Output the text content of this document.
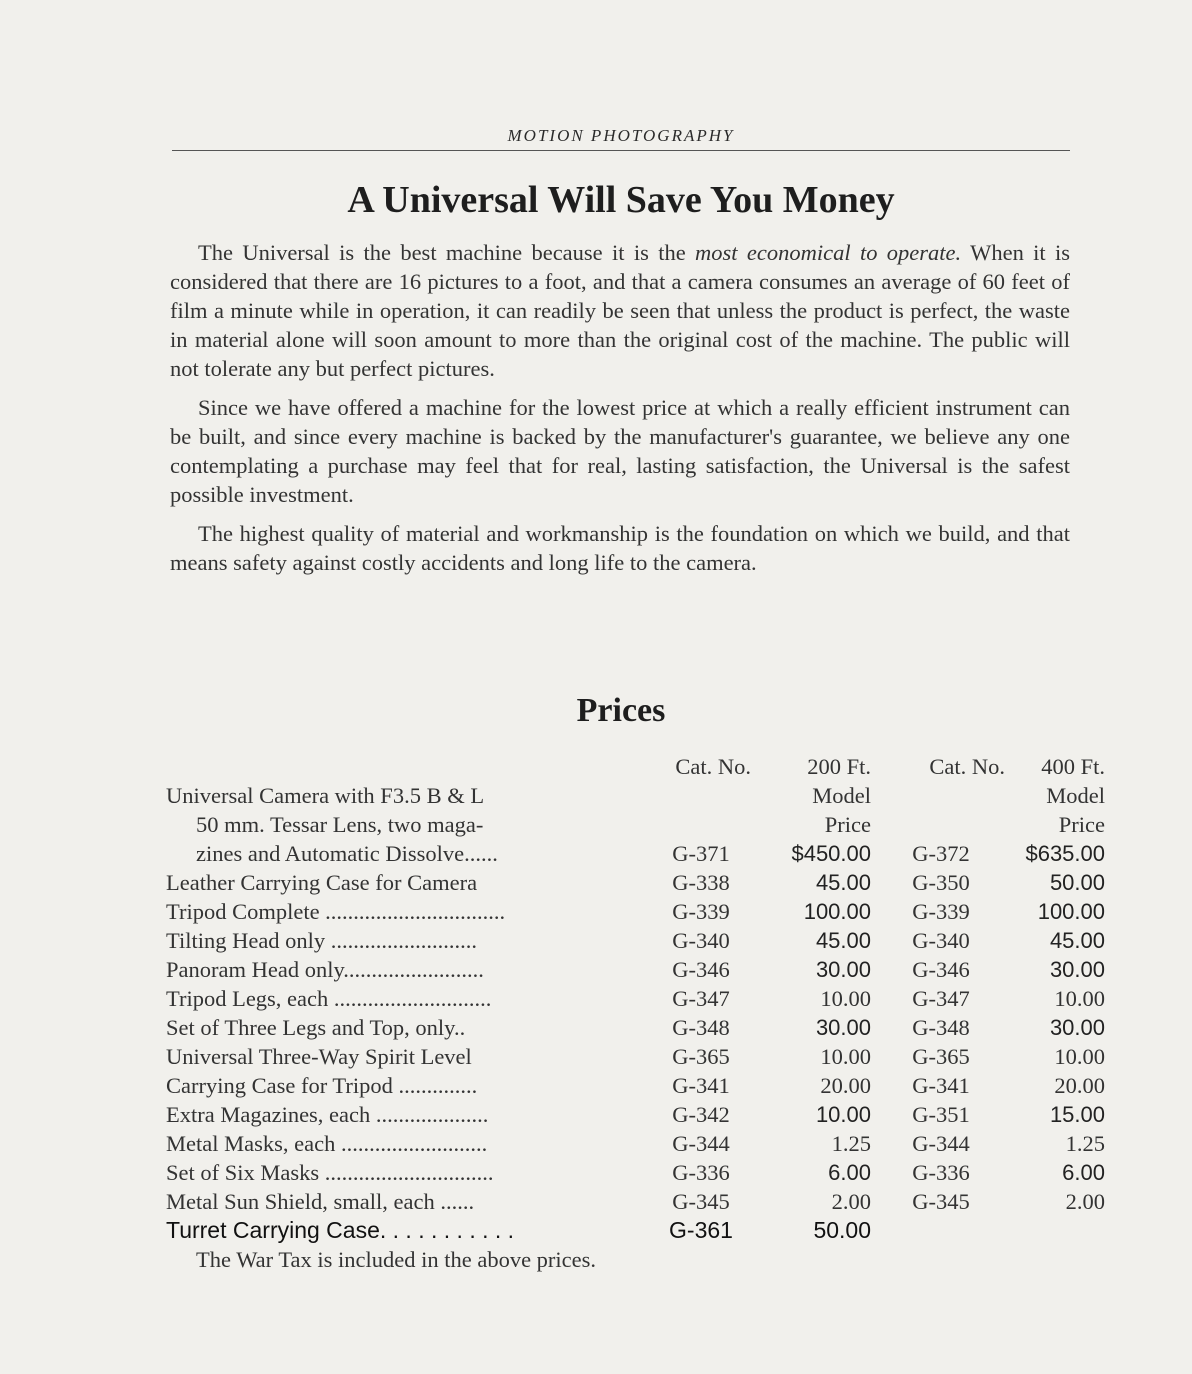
MOTION PHOTOGRAPHY
A Universal Will Save You Money

The Universal is the best machine because it is the most economical to operate. When it is considered that there are 16 pictures to a foot, and that a camera consumes an average of 60 feet of film a minute while in operation, it can readily be seen that unless the product is perfect, the waste in material alone will soon amount to more than the original cost of the machine. The public will not tolerate any but perfect pictures.

Since we have offered a machine for the lowest price at which a really efficient instrument can be built, and since every machine is backed by the manufacturer's guarantee, we believe any one contemplating a purchase may feel that for real, lasting satisfaction, the Universal is the safest possible investment.

The highest quality of material and workmanship is the foundation on which we build, and that means safety against costly accidents and long life to the camera.

Prices
	Cat. No.	200 Ft.	Cat. No.	400 Ft.
Universal Camera with F3.5 B & L		Model		Model
50 mm. Tessar Lens, two maga-		Price		Price
zines and Automatic Dissolve......	G-371	$450.00	G-372	$635.00
Leather Carrying Case for Camera	G-338	45.00	G-350	50.00
Tripod Complete ................................	G-339	100.00	G-339	100.00
Tilting Head only ..........................	G-340	45.00	G-340	45.00
Panoram Head only.........................	G-346	30.00	G-346	30.00
Tripod Legs, each ............................	G-347	10.00	G-347	10.00
Set of Three Legs and Top, only..	G-348	30.00	G-348	30.00
Universal Three-Way Spirit Level	G-365	10.00	G-365	10.00
Carrying Case for Tripod ..............	G-341	20.00	G-341	20.00
Extra Magazines, each ....................	G-342	10.00	G-351	15.00
Metal Masks, each ..........................	G-344	1.25	G-344	1.25
Set of Six Masks ..............................	G-336	6.00	G-336	6.00
Metal Sun Shield, small, each ......	G-345	2.00	G-345	2.00
Turret Carrying Case. . . . . . . . . . .	G-361	50.00		
The War Tax is included in the above prices.
